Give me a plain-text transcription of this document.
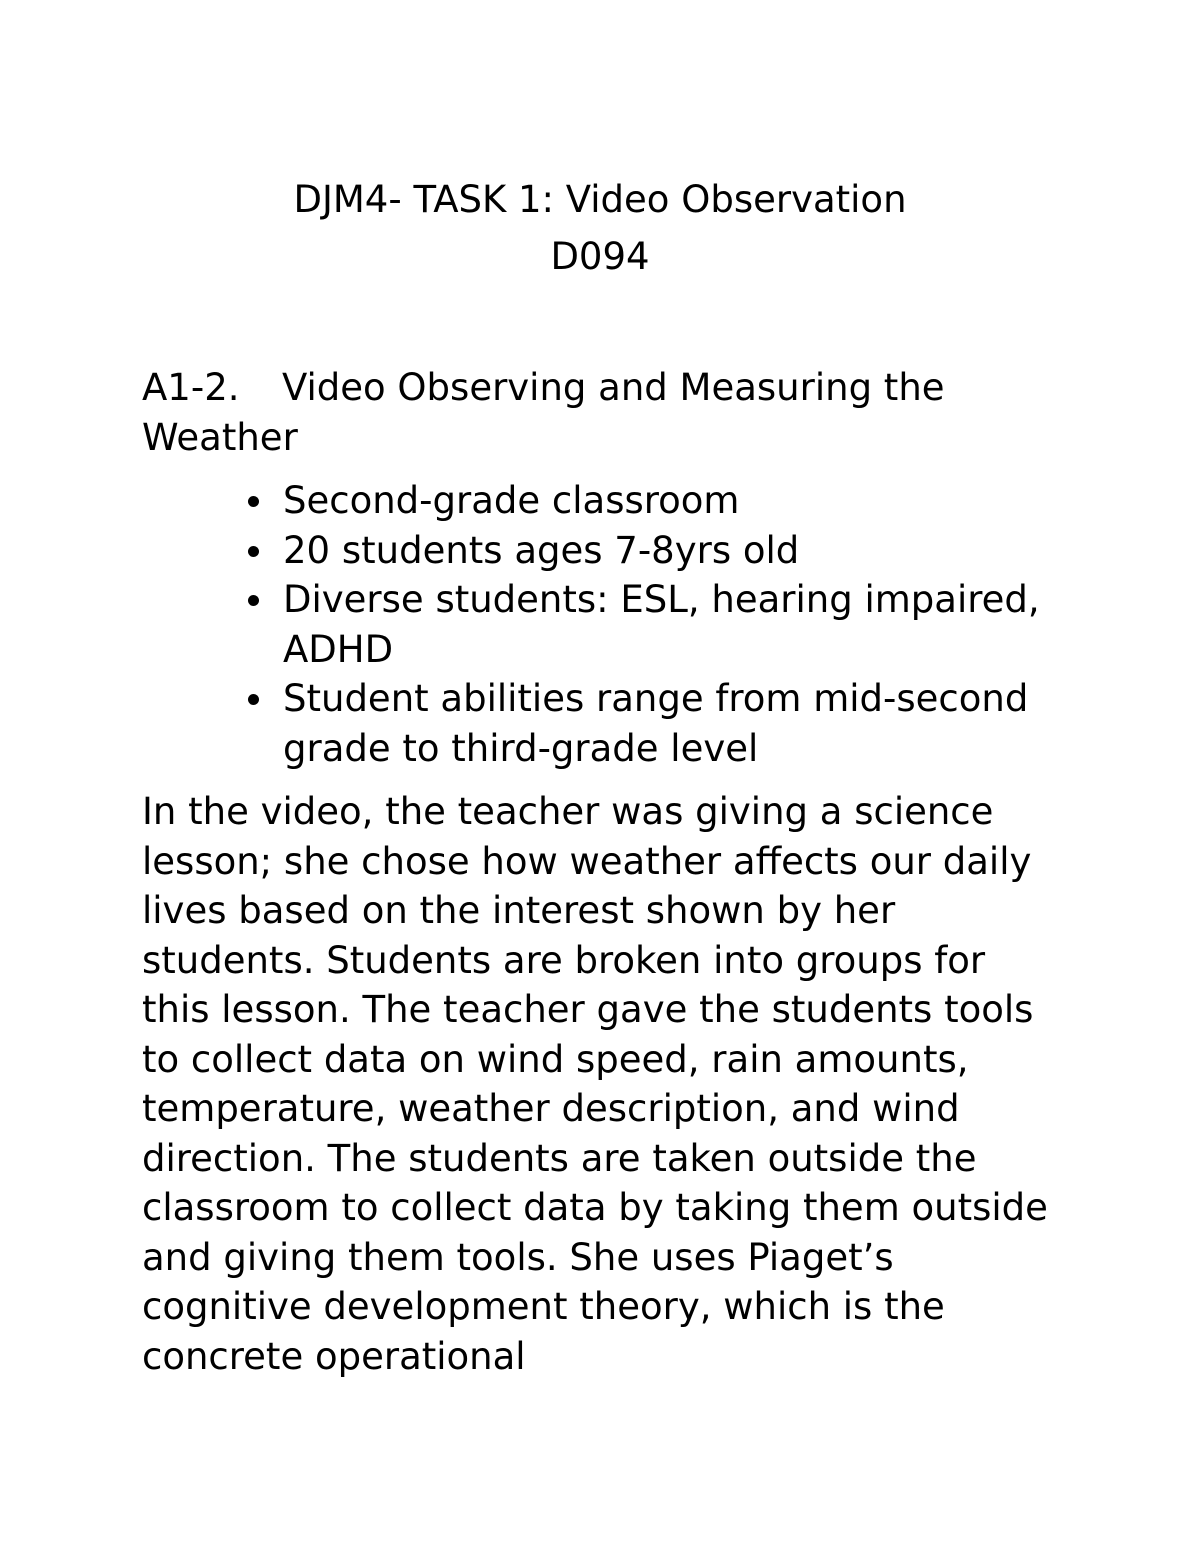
DJM4- TASK 1: Video Observation
D094
A1-2. Video Observing and Measuring the Weather
Second-grade classroom
20 students ages 7-8yrs old
Diverse students: ESL, hearing impaired, ADHD
Student abilities range from mid-second grade to third-grade level

In the video, the teacher was giving a science lesson; she chose how weather affects our daily lives based on the interest shown by her students. Students are broken into groups for this lesson. The teacher gave the students tools to collect data on wind speed, rain amounts, temperature, weather description, and wind direction. The students are taken outside the classroom to collect data by taking them outside and giving them tools. She uses Piaget’s cognitive development theory, which is the concrete operational
